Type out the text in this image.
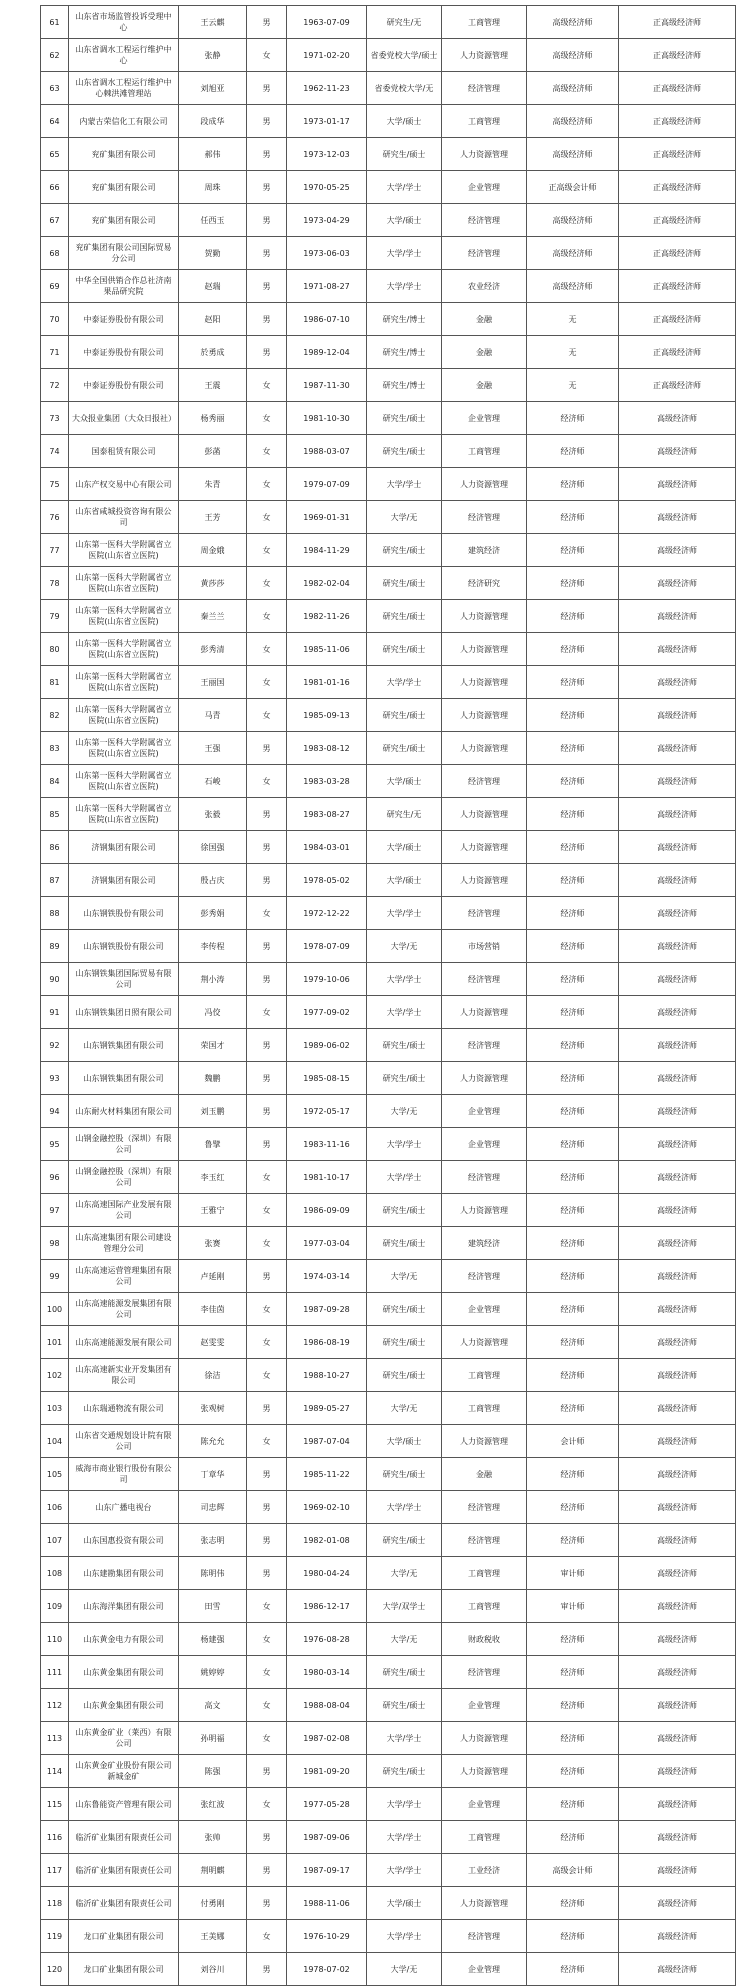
61	山东省市场监管投诉受理中心	王云麒	男	1963-07-09	研究生/无	工商管理	高级经济师	正高级经济师
62	山东省调水工程运行维护中心	张静	女	1971-02-20	省委党校大学/硕士	人力资源管理	高级经济师	正高级经济师
63	山东省调水工程运行维护中心棘洪滩管理站	刘旭亚	男	1962-11-23	省委党校大学/无	经济管理	高级经济师	正高级经济师
64	内蒙古荣信化工有限公司	段成华	男	1973-01-17	大学/硕士	工商管理	高级经济师	正高级经济师
65	兖矿集团有限公司	郝伟	男	1973-12-03	研究生/硕士	人力资源管理	高级经济师	正高级经济师
66	兖矿集团有限公司	周珠	男	1970-05-25	大学/学士	企业管理	正高级会计师	正高级经济师
67	兖矿集团有限公司	任西玉	男	1973-04-29	大学/硕士	经济管理	高级经济师	正高级经济师
68	兖矿集团有限公司国际贸易分公司	贺勤	男	1973-06-03	大学/学士	经济管理	高级经济师	正高级经济师
69	中华全国供销合作总社济南果品研究院	赵瑞	男	1971-08-27	大学/学士	农业经济	高级经济师	正高级经济师
70	中泰证券股份有限公司	赵阳	男	1986-07-10	研究生/博士	金融	无	正高级经济师
71	中泰证券股份有限公司	於勇成	男	1989-12-04	研究生/博士	金融	无	正高级经济师
72	中泰证券股份有限公司	王震	女	1987-11-30	研究生/博士	金融	无	正高级经济师
73	大众报业集团（大众日报社）	杨秀丽	女	1981-10-30	研究生/硕士	企业管理	经济师	高级经济师
74	国泰租赁有限公司	彭菡	女	1988-03-07	研究生/硕士	工商管理	经济师	高级经济师
75	山东产权交易中心有限公司	朱青	女	1979-07-09	大学/学士	人力资源管理	经济师	高级经济师
76	山东省咸城投资咨询有限公司	王芳	女	1969-01-31	大学/无	经济管理	经济师	高级经济师
77	山东第一医科大学附属省立医院(山东省立医院)	周金娥	女	1984-11-29	研究生/硕士	建筑经济	经济师	高级经济师
78	山东第一医科大学附属省立医院(山东省立医院)	黄莎莎	女	1982-02-04	研究生/硕士	经济研究	经济师	高级经济师
79	山东第一医科大学附属省立医院(山东省立医院)	秦兰兰	女	1982-11-26	研究生/硕士	人力资源管理	经济师	高级经济师
80	山东第一医科大学附属省立医院(山东省立医院)	彭秀清	女	1985-11-06	研究生/硕士	人力资源管理	经济师	高级经济师
81	山东第一医科大学附属省立医院(山东省立医院)	王丽国	女	1981-01-16	大学/学士	人力资源管理	经济师	高级经济师
82	山东第一医科大学附属省立医院(山东省立医院)	马青	女	1985-09-13	研究生/硕士	人力资源管理	经济师	高级经济师
83	山东第一医科大学附属省立医院(山东省立医院)	王强	男	1983-08-12	研究生/硕士	人力资源管理	经济师	高级经济师
84	山东第一医科大学附属省立医院(山东省立医院)	石峻	女	1983-03-28	大学/硕士	经济管理	经济师	高级经济师
85	山东第一医科大学附属省立医院(山东省立医院)	张毅	男	1983-08-27	研究生/无	人力资源管理	经济师	高级经济师
86	济钢集团有限公司	徐国强	男	1984-03-01	大学/硕士	人力资源管理	经济师	高级经济师
87	济钢集团有限公司	殷占庆	男	1978-05-02	大学/硕士	人力资源管理	经济师	高级经济师
88	山东钢铁股份有限公司	彭秀娟	女	1972-12-22	大学/学士	经济管理	经济师	高级经济师
89	山东钢铁股份有限公司	李传程	男	1978-07-09	大学/无	市场营销	经济师	高级经济师
90	山东钢铁集团国际贸易有限公司	荆小涛	男	1979-10-06	大学/学士	经济管理	经济师	高级经济师
91	山东钢铁集团日照有限公司	冯佼	女	1977-09-02	大学/学士	人力资源管理	经济师	高级经济师
92	山东钢铁集团有限公司	荣国才	男	1989-06-02	研究生/硕士	经济管理	经济师	高级经济师
93	山东钢铁集团有限公司	魏鹏	男	1985-08-15	研究生/硕士	人力资源管理	经济师	高级经济师
94	山东耐火材料集团有限公司	刘玉鹏	男	1972-05-17	大学/无	企业管理	经济师	高级经济师
95	山钢金融控股（深圳）有限公司	鲁擘	男	1983-11-16	大学/学士	企业管理	经济师	高级经济师
96	山钢金融控股（深圳）有限公司	李玉红	女	1981-10-17	大学/学士	经济管理	经济师	高级经济师
97	山东高速国际产业发展有限公司	王雅宁	女	1986-09-09	研究生/硕士	人力资源管理	经济师	高级经济师
98	山东高速集团有限公司建设管理分公司	张赛	女	1977-03-04	研究生/硕士	建筑经济	经济师	高级经济师
99	山东高速运营管理集团有限公司	卢延刚	男	1974-03-14	大学/无	经济管理	经济师	高级经济师
100	山东高速能源发展集团有限公司	李佳茵	女	1987-09-28	研究生/硕士	企业管理	经济师	高级经济师
101	山东高速能源发展有限公司	赵雯雯	女	1986-08-19	研究生/硕士	人力资源管理	经济师	高级经济师
102	山东高速新实业开发集团有限公司	徐洁	女	1988-10-27	研究生/硕士	工商管理	经济师	高级经济师
103	山东瑞通物流有限公司	张观树	男	1989-05-27	大学/无	工商管理	经济师	高级经济师
104	山东省交通规划设计院有限公司	陈允允	女	1987-07-04	大学/硕士	人力资源管理	会计师	高级经济师
105	威海市商业银行股份有限公司	丁章华	男	1985-11-22	研究生/硕士	金融	经济师	高级经济师
106	山东广播电视台	司忠辉	男	1969-02-10	大学/学士	经济管理	经济师	高级经济师
107	山东国惠投资有限公司	张志明	男	1982-01-08	研究生/硕士	经济管理	经济师	高级经济师
108	山东建勘集团有限公司	陈明伟	男	1980-04-24	大学/无	工商管理	审计师	高级经济师
109	山东海洋集团有限公司	田雪	女	1986-12-17	大学/双学士	工商管理	审计师	高级经济师
110	山东黄金电力有限公司	杨建强	女	1976-08-28	大学/无	财政税收	经济师	高级经济师
111	山东黄金集团有限公司	姚婷婷	女	1980-03-14	研究生/硕士	经济管理	经济师	高级经济师
112	山东黄金集团有限公司	高文	女	1988-08-04	研究生/硕士	企业管理	经济师	高级经济师
113	山东黄金矿业（莱西）有限公司	孙明福	女	1987-02-08	大学/学士	人力资源管理	经济师	高级经济师
114	山东黄金矿业股份有限公司新城金矿	陈强	男	1981-09-20	研究生/硕士	人力资源管理	经济师	高级经济师
115	山东鲁能资产管理有限公司	张红波	女	1977-05-28	大学/学士	企业管理	经济师	高级经济师
116	临沂矿业集团有限责任公司	张帅	男	1987-09-06	大学/学士	工商管理	经济师	高级经济师
117	临沂矿业集团有限责任公司	荆明麒	男	1987-09-17	大学/学士	工业经济	高级会计师	高级经济师
118	临沂矿业集团有限责任公司	付勇刚	男	1988-11-06	大学/硕士	人力资源管理	经济师	高级经济师
119	龙口矿业集团有限公司	王美娜	女	1976-10-29	大学/学士	经济管理	经济师	高级经济师
120	龙口矿业集团有限公司	刘谷川	男	1978-07-02	大学/无	企业管理	经济师	高级经济师
